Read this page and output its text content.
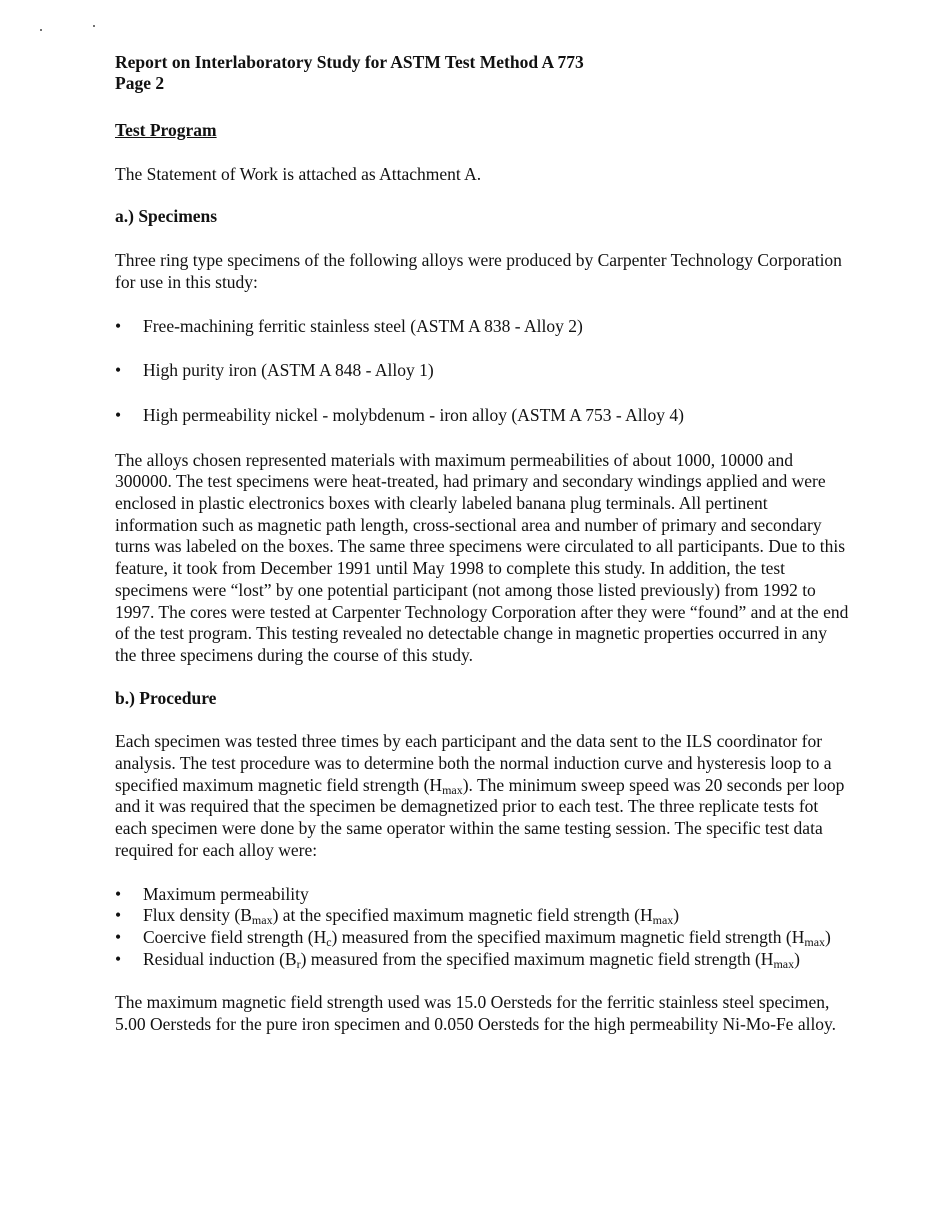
Report on Interlaboratory Study for ASTM Test Method A 773
Page 2
Test Program

The Statement of Work is attached as Attachment A.

a.) Specimens

Three ring type specimens of the following alloys were produced by Carpenter Technology Corporation for use in this study:

•	Free-machining ferritic stainless steel (ASTM A 838 - Alloy 2)
•	High purity iron (ASTM A 848 - Alloy 1)
•	High permeability nickel - molybdenum - iron alloy (ASTM A 753 - Alloy 4)

The alloys chosen represented materials with maximum permeabilities of about 1000, 10000 and 300000. The test specimens were heat-treated, had primary and secondary windings applied and were enclosed in plastic electronics boxes with clearly labeled banana plug terminals. All pertinent information such as magnetic path length, cross-sectional area and number of primary and secondary turns was labeled on the boxes. The same three specimens were circulated to all participants. Due to this feature, it took from December 1991 until May 1998 to complete this study. In addition, the test specimens were “lost” by one potential participant (not among those listed previously) from 1992 to 1997. The cores were tested at Carpenter Technology Corporation after they were “found” and at the end of the test program. This testing revealed no detectable change in magnetic properties occurred in any the three specimens during the course of this study.

b.) Procedure

Each specimen was tested three times by each participant and the data sent to the ILS coordinator for analysis. The test procedure was to determine both the normal induction curve and hysteresis loop to a specified maximum magnetic field strength $(H_{max})$. The minimum sweep speed was 20 seconds per loop and it was required that the specimen be demagnetized prior to each test. The three replicate tests fot each specimen were done by the same operator within the same testing session. The specific test data required for each alloy were:

•	Maximum permeability
•	Flux density $(B_{max})$ at the specified maximum magnetic field strength $(H_{max})$
•	Coercive field strength $(H_c)$ measured from the specified maximum magnetic field strength $(H_{max})$
•	Residual induction $(B_r)$ measured from the specified maximum magnetic field strength $(H_{max})$

The maximum magnetic field strength used was 15.0 Oersteds for the ferritic stainless steel specimen, 5.00 Oersteds for the pure iron specimen and 0.050 Oersteds for the high permeability Ni-Mo-Fe alloy.
